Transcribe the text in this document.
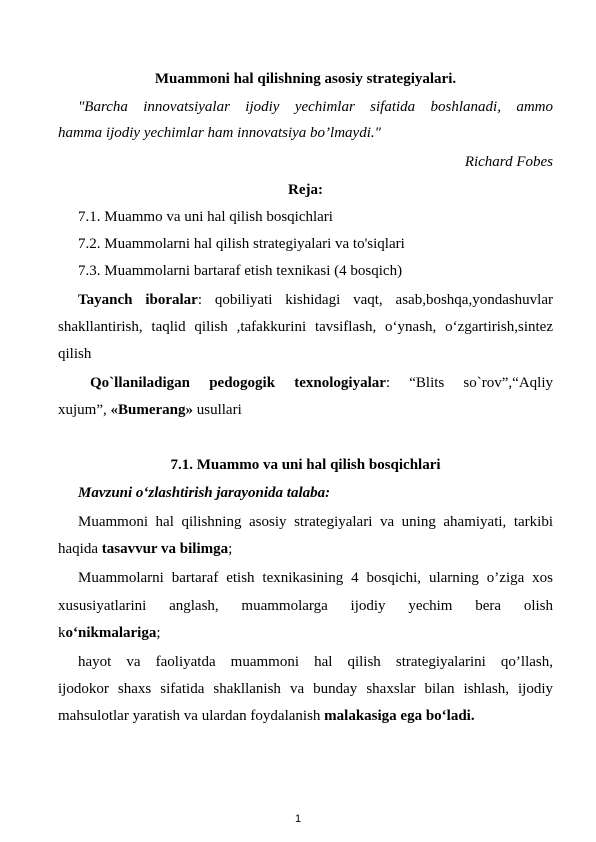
Muammoni hal qilishning asosiy strategiyalari.
"Barcha innovatsiyalar ijodiy yechimlar sifatida boshlanadi, ammo
hamma ijodiy yechimlar ham innovatsiya bo’lmaydi."
Richard Fobes
Reja:
7.1. Muammo va uni hal qilish bosqichlari
7.2. Muammolarni hal qilish strategiyalari va to'siqlari
7.3. Muammolarni bartaraf etish texnikasi (4 bosqich)
Tayanch iboralar: qobiliyati kishidagi vaqt, asab,boshqa,yondashuvlar
shakllantirish, taqlid qilish ,tafakkurini tavsiflash, o‘ynash, o‘zgartirish,sintez
qilish
Qo`llaniladigan pedogogik texnologiyalar: “Blits so`rov”,“Aqliy
xujum”, «Bumerang» usullari
7.1. Muammo va uni hal qilish bosqichlari
Mavzuni o‘zlashtirish jarayonida talaba:
Muammoni hal qilishning asosiy strategiyalari va uning ahamiyati, tarkibi
haqida tasavvur va bilimga;
Muammolarni bartaraf etish texnikasining 4 bosqichi, ularning o’ziga xos
xususiyatlarini anglash, muammolarga ijodiy yechim bera olish
ko‘nikmalariga;
hayot va faoliyatda muammoni hal qilish strategiyalarini qo’llash,
ijodokor shaxs sifatida shakllanish va bunday shaxslar bilan ishlash, ijodiy
mahsulotlar yaratish va ulardan foydalanish malakasiga ega bo‘ladi.
1
